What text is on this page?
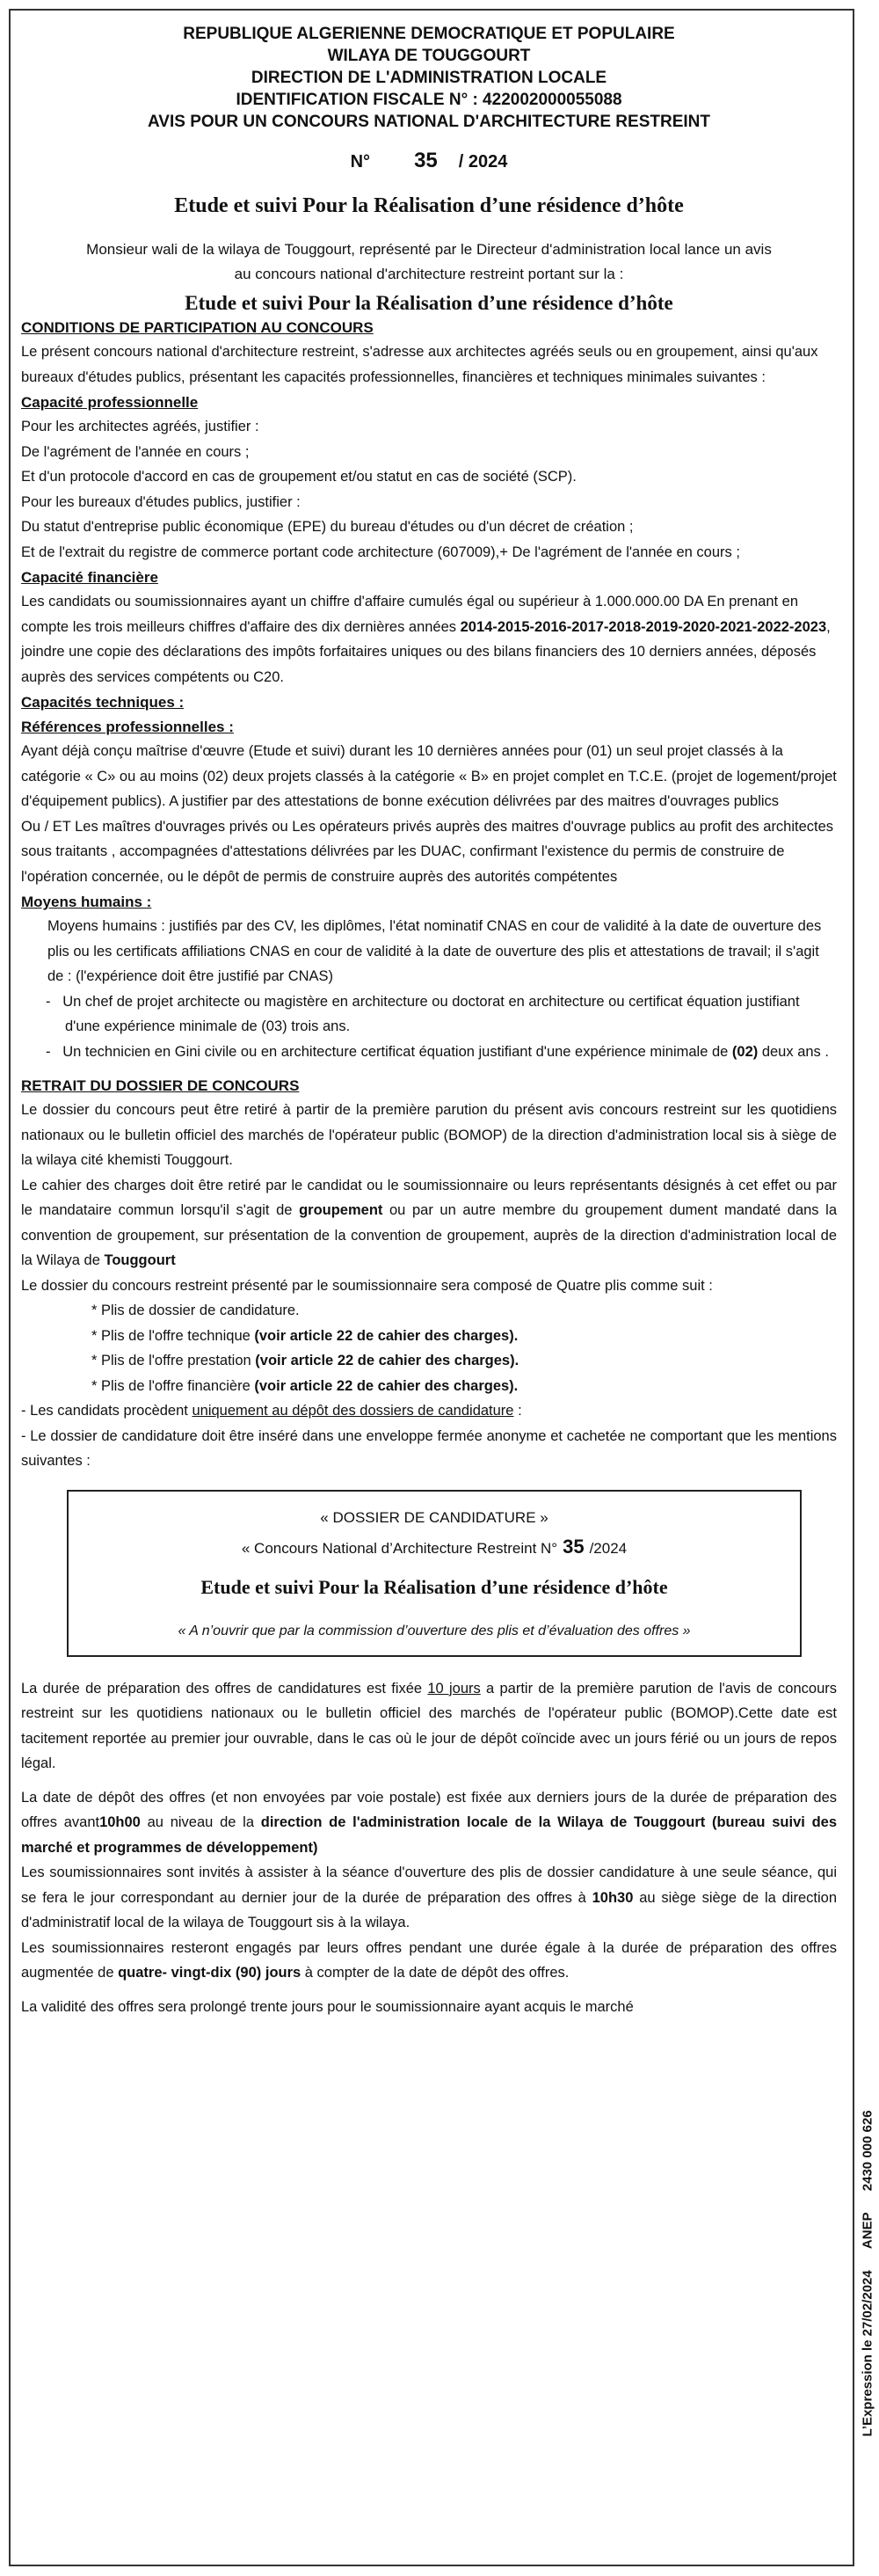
REPUBLIQUE ALGERIENNE DEMOCRATIQUE ET POPULAIRE

WILAYA DE TOUGGOURT

DIRECTION DE L'ADMINISTRATION LOCALE

IDENTIFICATION FISCALE N° : 422002000055088

AVIS POUR UN CONCOURS NATIONAL D'ARCHITECTURE RESTREINT

N° 35 / 2024

Etude et suivi Pour la Réalisation d’une résidence d’hôte

Monsieur wali de la wilaya de Touggourt, représenté par le Directeur d'administration local lance un avis

au concours national d'architecture restreint portant sur la :

Etude et suivi Pour la Réalisation d’une résidence d’hôte

CONDITIONS DE PARTICIPATION AU CONCOURS

Le présent concours national d'architecture restreint, s'adresse aux architectes agréés seuls ou en groupement, ainsi qu'aux bureaux d'études publics, présentant les capacités professionnelles, financières et techniques minimales suivantes :

Capacité professionnelle

Pour les architectes agréés, justifier :

De l'agrément de l'année en cours ;

Et d'un protocole d'accord en cas de groupement et/ou statut en cas de société (SCP).

Pour les bureaux d'études publics, justifier :

Du statut d'entreprise public économique (EPE) du bureau d'études ou d'un décret de création ;

Et de l'extrait du registre de commerce portant code architecture (607009),+ De l'agrément de l'année en cours ;

Capacité financière

Les candidats ou soumissionnaires ayant un chiffre d'affaire cumulés égal ou supérieur à 1.000.000.00 DA En prenant en compte les trois meilleurs chiffres d'affaire des dix dernières années 2014-2015-2016-2017-2018-2019-2020-2021-2022-2023, joindre une copie des déclarations des impôts forfaitaires uniques ou des bilans financiers des 10 derniers années, déposés auprès des services compétents ou C20.

Capacités techniques :

Références professionnelles :

Ayant déjà conçu maîtrise d'œuvre (Etude et suivi) durant les 10 dernières années pour (01) un seul projet classés à la catégorie « C» ou au moins (02) deux projets classés à la catégorie « B» en projet complet en T.C.E. (projet de logement/projet d'équipement publics). A justifier par des attestations de bonne exécution délivrées par des maitres d'ouvrages publics

Ou / ET Les maîtres d'ouvrages privés ou Les opérateurs privés auprès des maitres d'ouvrage publics au profit des architectes sous traitants , accompagnées d'attestations délivrées par les DUAC, confirmant l'existence du permis de construire de l'opération concernée, ou le dépôt de permis de construire auprès des autorités compétentes

Moyens humains :

Moyens humains : justifiés par des CV, les diplômes, l'état nominatif CNAS en cour de validité à la date de ouverture des plis ou les certificats affiliations CNAS en cour de validité à la date de ouverture des plis et attestations de travail; il s'agit de : (l'expérience doit être justifié par CNAS)

-   Un chef de projet architecte ou magistère en architecture ou doctorat en architecture ou certificat équation justifiant d'une expérience minimale de (03) trois ans.

-   Un technicien en Gini civile ou en architecture certificat équation justifiant d'une expérience minimale de (02) deux ans .

RETRAIT DU DOSSIER DE CONCOURS

Le dossier du concours peut être retiré à partir de la première parution du présent avis concours restreint sur les quotidiens nationaux ou le bulletin officiel des marchés de l'opérateur public (BOMOP) de la direction d'administration local sis à siège de la wilaya cité khemisti Touggourt.

Le cahier des charges doit être retiré par le candidat ou le soumissionnaire ou leurs représentants désignés à cet effet ou par le mandataire commun lorsqu'il s'agit de groupement ou par un autre membre du groupement dument mandaté dans la convention de groupement, sur présentation de la convention de groupement, auprès de la direction d'administration local de la Wilaya de Touggourt

Le dossier du concours restreint présenté par le soumissionnaire sera composé de Quatre plis comme suit :

* Plis de dossier de candidature.

* Plis de l'offre technique (voir article 22 de cahier des charges).

* Plis de l'offre prestation (voir article 22 de cahier des charges).

* Plis de l'offre financière (voir article 22 de cahier des charges).

- Les candidats procèdent uniquement au dépôt des dossiers de candidature :

- Le dossier de candidature doit être inséré dans une enveloppe fermée anonyme et cachetée ne comportant que les mentions suivantes :

« DOSSIER DE CANDIDATURE »

« Concours National d’Architecture Restreint N° 35 /2024

Etude et suivi Pour la Réalisation d’une résidence d’hôte

« A n’ouvrir que par la commission d’ouverture des plis et d’évaluation des offres »

La durée de préparation des offres de candidatures est fixée 10 jours a partir de la première parution de l'avis de concours restreint sur les quotidiens nationaux ou le bulletin officiel des marchés de l'opérateur public (BOMOP).Cette date est tacitement reportée au premier jour ouvrable, dans le cas où le jour de dépôt coïncide avec un jours férié ou un jours de repos légal.

La date de dépôt des offres (et non envoyées par voie postale) est fixée aux derniers jours de la durée de préparation des offres avant10h00 au niveau de la direction de l'administration locale de la Wilaya de Touggourt (bureau suivi des marché et programmes de développement)

Les soumissionnaires sont invités à assister à la séance d'ouverture des plis de dossier candidature à une seule séance, qui se fera le jour correspondant au dernier jour de la durée de préparation des offres à 10h30 au siège siège de la direction d'administratif local de la wilaya de Touggourt sis à la wilaya.

Les soumissionnaires resteront engagés par leurs offres pendant une durée égale à la durée de préparation des offres augmentée de quatre- vingt-dix (90) jours à compter de la date de dépôt des offres.

La validité des offres sera prolongé trente jours pour le soumissionnaire ayant acquis le marché

L’Expression le 27/02/2024 ANEP 2430 000 626
